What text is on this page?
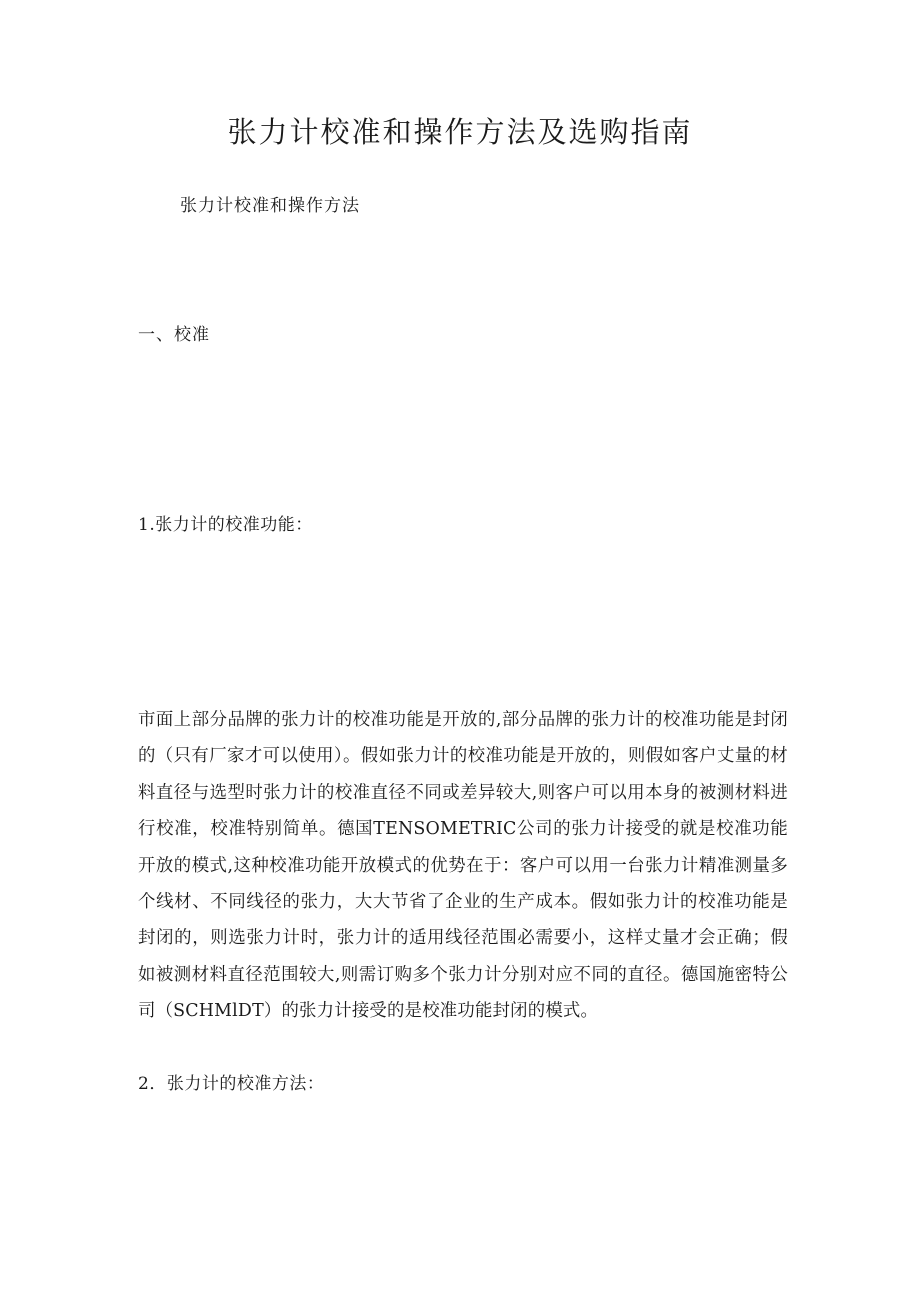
张力计校准和操作方法及选购指南

张力计校准和操作方法

一、校准

1.张力计的校准功能：

市面上部分品牌的张力计的校准功能是开放的,部分品牌的张力计的校准功能是封闭的（只有厂家才可以使用）。假如张力计的校准功能是开放的，则假如客户丈量的材料直径与选型时张力计的校准直径不同或差异较大,则客户可以用本身的被测材料进行校准，校准特别简单。德国TENSOMETRIC公司的张力计接受的就是校准功能开放的模式,这种校准功能开放模式的优势在于：客户可以用一台张力计精准测量多个线材、不同线径的张力，大大节省了企业的生产成本。假如张力计的校准功能是封闭的，则选张力计时，张力计的适用线径范围必需要小，这样丈量才会正确；假如被测材料直径范围较大,则需订购多个张力计分别对应不同的直径。德国施密特公司（SCHMlDT）的张力计接受的是校准功能封闭的模式。

2．张力计的校准方法：
